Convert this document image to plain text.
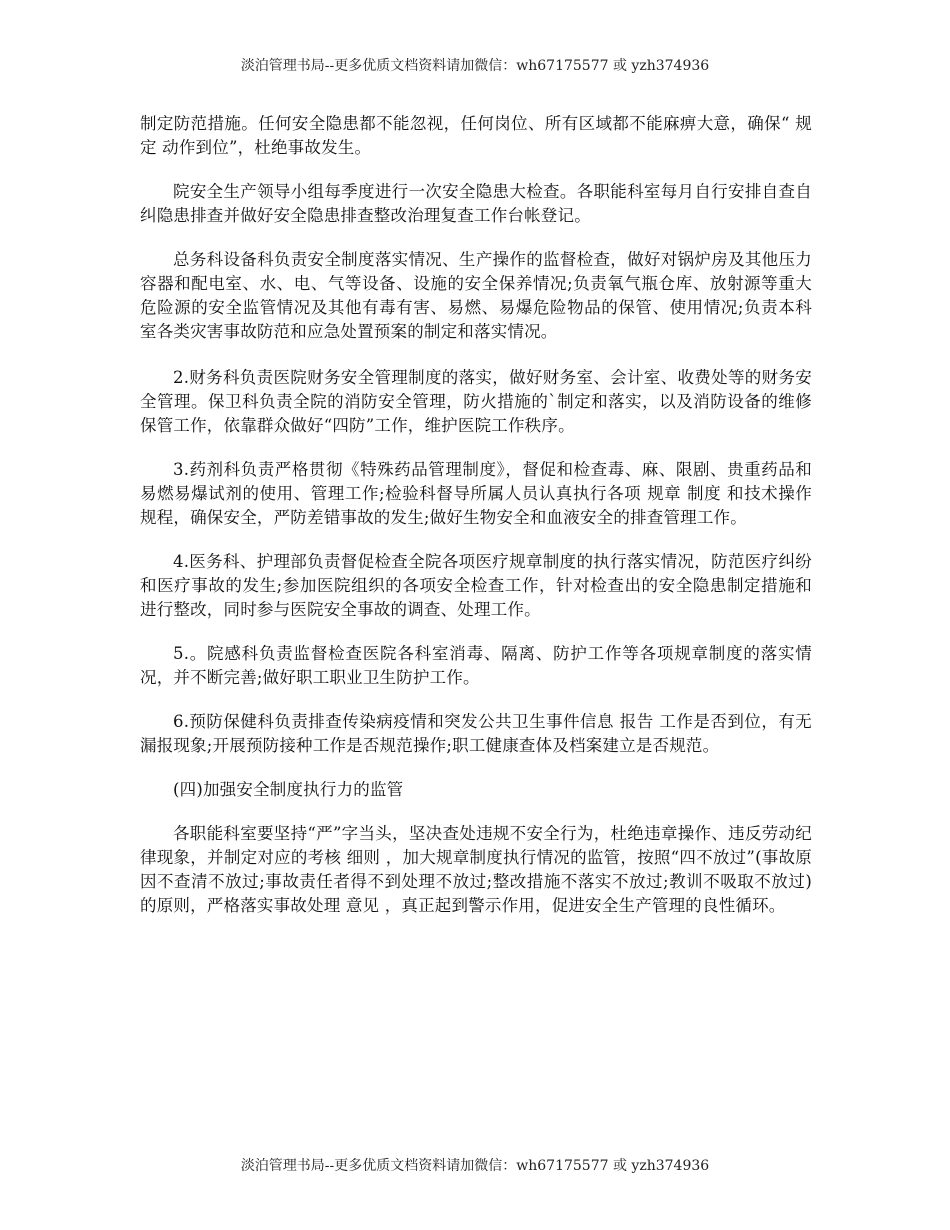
淡泊管理书局--更多优质文档资料请加微信：wh67175577 或 yzh374936

制定防范措施。任何安全隐患都不能忽视，任何岗位、所有区域都不能麻痹大意，确保“ 规定 动作到位”，杜绝事故发生。

院安全生产领导小组每季度进行一次安全隐患大检查。各职能科室每月自行安排自查自纠隐患排查并做好安全隐患排查整改治理复查工作台帐登记。

总务科设备科负责安全制度落实情况、生产操作的监督检查，做好对锅炉房及其他压力容器和配电室、水、电、气等设备、设施的安全保养情况;负责氧气瓶仓库、放射源等重大危险源的安全监管情况及其他有毒有害、易燃、易爆危险物品的保管、使用情况;负责本科室各类灾害事故防范和应急处置预案的制定和落实情况。

2.财务科负责医院财务安全管理制度的落实，做好财务室、会计室、收费处等的财务安全管理。保卫科负责全院的消防安全管理，防火措施的`制定和落实，以及消防设备的维修保管工作，依靠群众做好“四防”工作，维护医院工作秩序。

3.药剂科负责严格贯彻《特殊药品管理制度》，督促和检查毒、麻、限剧、贵重药品和易燃易爆试剂的使用、管理工作;检验科督导所属人员认真执行各项 规章 制度 和技术操作规程，确保安全，严防差错事故的发生;做好生物安全和血液安全的排查管理工作。

4.医务科、护理部负责督促检查全院各项医疗规章制度的执行落实情况，防范医疗纠纷和医疗事故的发生;参加医院组织的各项安全检查工作，针对检查出的安全隐患制定措施和进行整改，同时参与医院安全事故的调查、处理工作。

5.。院感科负责监督检查医院各科室消毒、隔离、防护工作等各项规章制度的落实情况，并不断完善;做好职工职业卫生防护工作。

6.预防保健科负责排查传染病疫情和突发公共卫生事件信息 报告 工作是否到位，有无漏报现象;开展预防接种工作是否规范操作;职工健康查体及档案建立是否规范。

(四)加强安全制度执行力的监管

各职能科室要坚持“严”字当头，坚决查处违规不安全行为，杜绝违章操作、违反劳动纪律现象，并制定对应的考核 细则 ，加大规章制度执行情况的监管，按照“四不放过”(事故原因不查清不放过;事故责任者得不到处理不放过;整改措施不落实不放过;教训不吸取不放过)的原则，严格落实事故处理 意见 ，真正起到警示作用，促进安全生产管理的良性循环。

淡泊管理书局--更多优质文档资料请加微信：wh67175577 或 yzh374936
